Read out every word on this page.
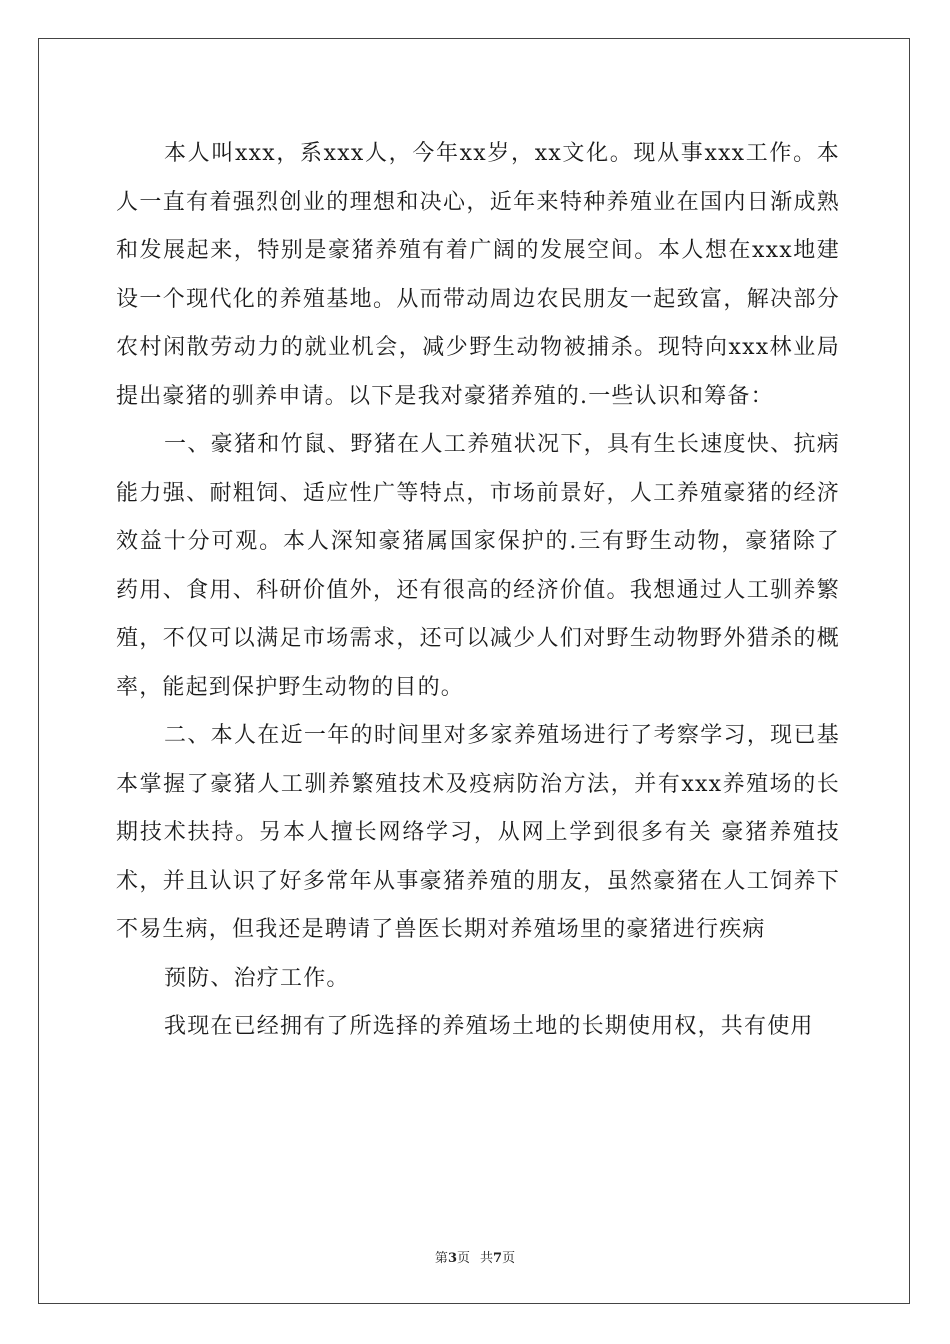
本人叫xxx，系xxx人，今年xx岁，xx文化。现从事xxx工作。本人一直有着强烈创业的理想和决心，近年来特种养殖业在国内日渐成熟和发展起来，特别是豪猪养殖有着广阔的发展空间。本人想在xxx地建设一个现代化的养殖基地。从而带动周边农民朋友一起致富，解决部分农村闲散劳动力的就业机会，减少野生动物被捕杀。现特向xxx林业局提出豪猪的驯养申请。以下是我对豪猪养殖的.一些认识和筹备：

一、豪猪和竹鼠、野猪在人工养殖状况下，具有生长速度快、抗病能力强、耐粗饲、适应性广等特点，市场前景好，人工养殖豪猪的经济效益十分可观。本人深知豪猪属国家保护的.三有野生动物，豪猪除了药用、食用、科研价值外，还有很高的经济价值。我想通过人工驯养繁殖，不仅可以满足市场需求，还可以减少人们对野生动物野外猎杀的概率，能起到保护野生动物的目的。

二、本人在近一年的时间里对多家养殖场进行了考察学习，现已基本掌握了豪猪人工驯养繁殖技术及疫病防治方法，并有xxx养殖场的长期技术扶持。另本人擅长网络学习，从网上学到很多有关 豪猪养殖技术，并且认识了好多常年从事豪猪养殖的朋友，虽然豪猪在人工饲养下不易生病，但我还是聘请了兽医长期对养殖场里的豪猪进行疾病

预防、治疗工作。

我现在已经拥有了所选择的养殖场土地的长期使用权，共有使用

第3页 共7页
